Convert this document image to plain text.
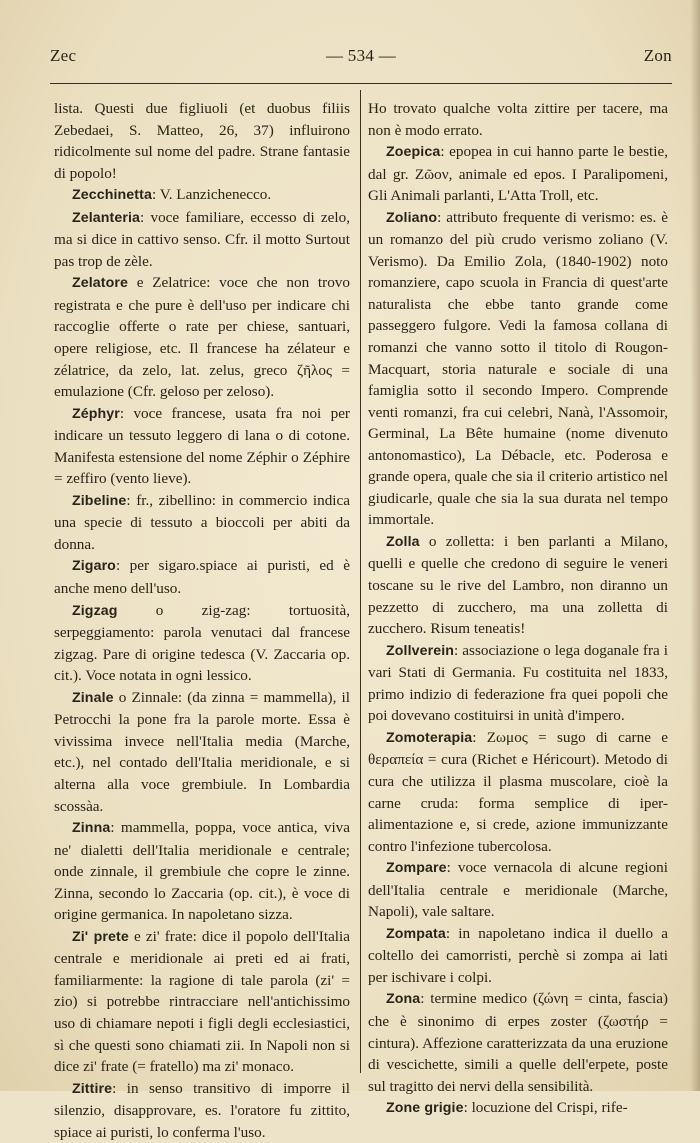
Zec	— 534 —	Zon

lista. Questi due figliuoli (et duobus filiis Zebedaei, S. Matteo, 26, 37) influirono ridicolmente sul nome del padre. Strane fantasie di popolo!

Zecchinetta: V. Lanzichenecco.

Zelanteria: voce familiare, eccesso di zelo, ma si dice in cattivo senso. Cfr. il motto Surtout pas trop de zèle.

Zelatore e Zelatrice: voce che non trovo registrata e che pure è dell'uso per indicare chi raccoglie offerte o rate per chiese, santuari, opere religiose, etc. Il francese ha zélateur e zélatrice, da zelo, lat. zelus, greco ζῆλος = emulazione (Cfr. geloso per zeloso).

Zéphyr: voce francese, usata fra noi per indicare un tessuto leggero di lana o di cotone. Manifesta estensione del nome Zéphir o Zéphire = zeffiro (vento lieve).

Zibeline: fr., zibellino: in commercio indica una specie di tessuto a bioccoli per abiti da donna.

Zigaro: per sigaro.spiace ai puristi, ed è anche meno dell'uso.

Zigzag o zig-zag: tortuosità, serpeggiamento: parola venutaci dal francese zigzag. Pare di origine tedesca (V. Zaccaria op. cit.). Voce notata in ogni lessico.

Zinale o Zinnale: (da zinna = mammella), il Petrocchi la pone fra la parole morte. Essa è vivissima invece nell'Italia media (Marche, etc.), nel contado dell'Italia meridionale, e si alterna alla voce grembiule. In Lombardia scossàa.

Zinna: mammella, poppa, voce antica, viva ne' dialetti dell'Italia meridionale e centrale; onde zinnale, il grembiule che copre le zinne. Zinna, secondo lo Zaccaria (op. cit.), è voce di origine germanica. In napoletano sizza.

Zi' prete e zi' frate: dice il popolo dell'Italia centrale e meridionale ai preti ed ai frati, familiarmente: la ragione di tale parola (zi' = zio) si potrebbe rintracciare nell'antichissimo uso di chiamare nepoti i figli degli ecclesiastici, sì che questi sono chiamati zii. In Napoli non si dice zi' frate (= fratello) ma zi' monaco.

Zittire: in senso transitivo di imporre il silenzio, disapprovare, es. l'oratore fu zittito, spiace ai puristi, lo conferma l'uso.

Ho trovato qualche volta zittire per tacere, ma non è modo errato.

Zoepica: epopea in cui hanno parte le bestie, dal gr. Ζῶον, animale ed epos. I Paralipomeni, Gli Animali parlanti, L'Atta Troll, etc.

Zoliano: attributo frequente di verismo: es. è un romanzo del più crudo verismo zoliano (V. Verismo). Da Emilio Zola, (1840-1902) noto romanziere, capo scuola in Francia di quest'arte naturalista che ebbe tanto grande come passeggero fulgore. Vedi la famosa collana di romanzi che vanno sotto il titolo di Rougon-Macquart, storia naturale e sociale di una famiglia sotto il secondo Impero. Comprende venti romanzi, fra cui celebri, Nanà, l'Assomoir, Germinal, La Bête humaine (nome divenuto antonomastico), La Débacle, etc. Poderosa e grande opera, quale che sia il criterio artistico nel giudicarle, quale che sia la sua durata nel tempo immortale.

Zolla o zolletta: i ben parlanti a Milano, quelli e quelle che credono di seguire le veneri toscane su le rive del Lambro, non diranno un pezzetto di zucchero, ma una zolletta di zucchero. Risum teneatis!

Zollverein: associazione o lega doganale fra i vari Stati di Germania. Fu costituita nel 1833, primo indizio di federazione fra quei popoli che poi dovevano costituirsi in unità d'impero.

Zomoterapia: Ζωμος = sugo di carne e θεραπεία = cura (Richet e Héricourt). Metodo di cura che utilizza il plasma muscolare, cioè la carne cruda: forma semplice di iper-alimentazione e, si crede, azione immunizzante contro l'infezione tubercolosa.

Zompare: voce vernacola di alcune regioni dell'Italia centrale e meridionale (Marche, Napoli), vale saltare.

Zompata: in napoletano indica il duello a coltello dei camorristi, perchè si zompa ai lati per ischivare i colpi.

Zona: termine medico (ζώνη = cinta, fascia) che è sinonimo di erpes zoster (ζωστήρ = cintura). Affezione caratterizzata da una eruzione di vescichette, simili a quelle dell'erpete, poste sul tragitto dei nervi della sensibilità.

Zone grigie: locuzione del Crispi, rife-
